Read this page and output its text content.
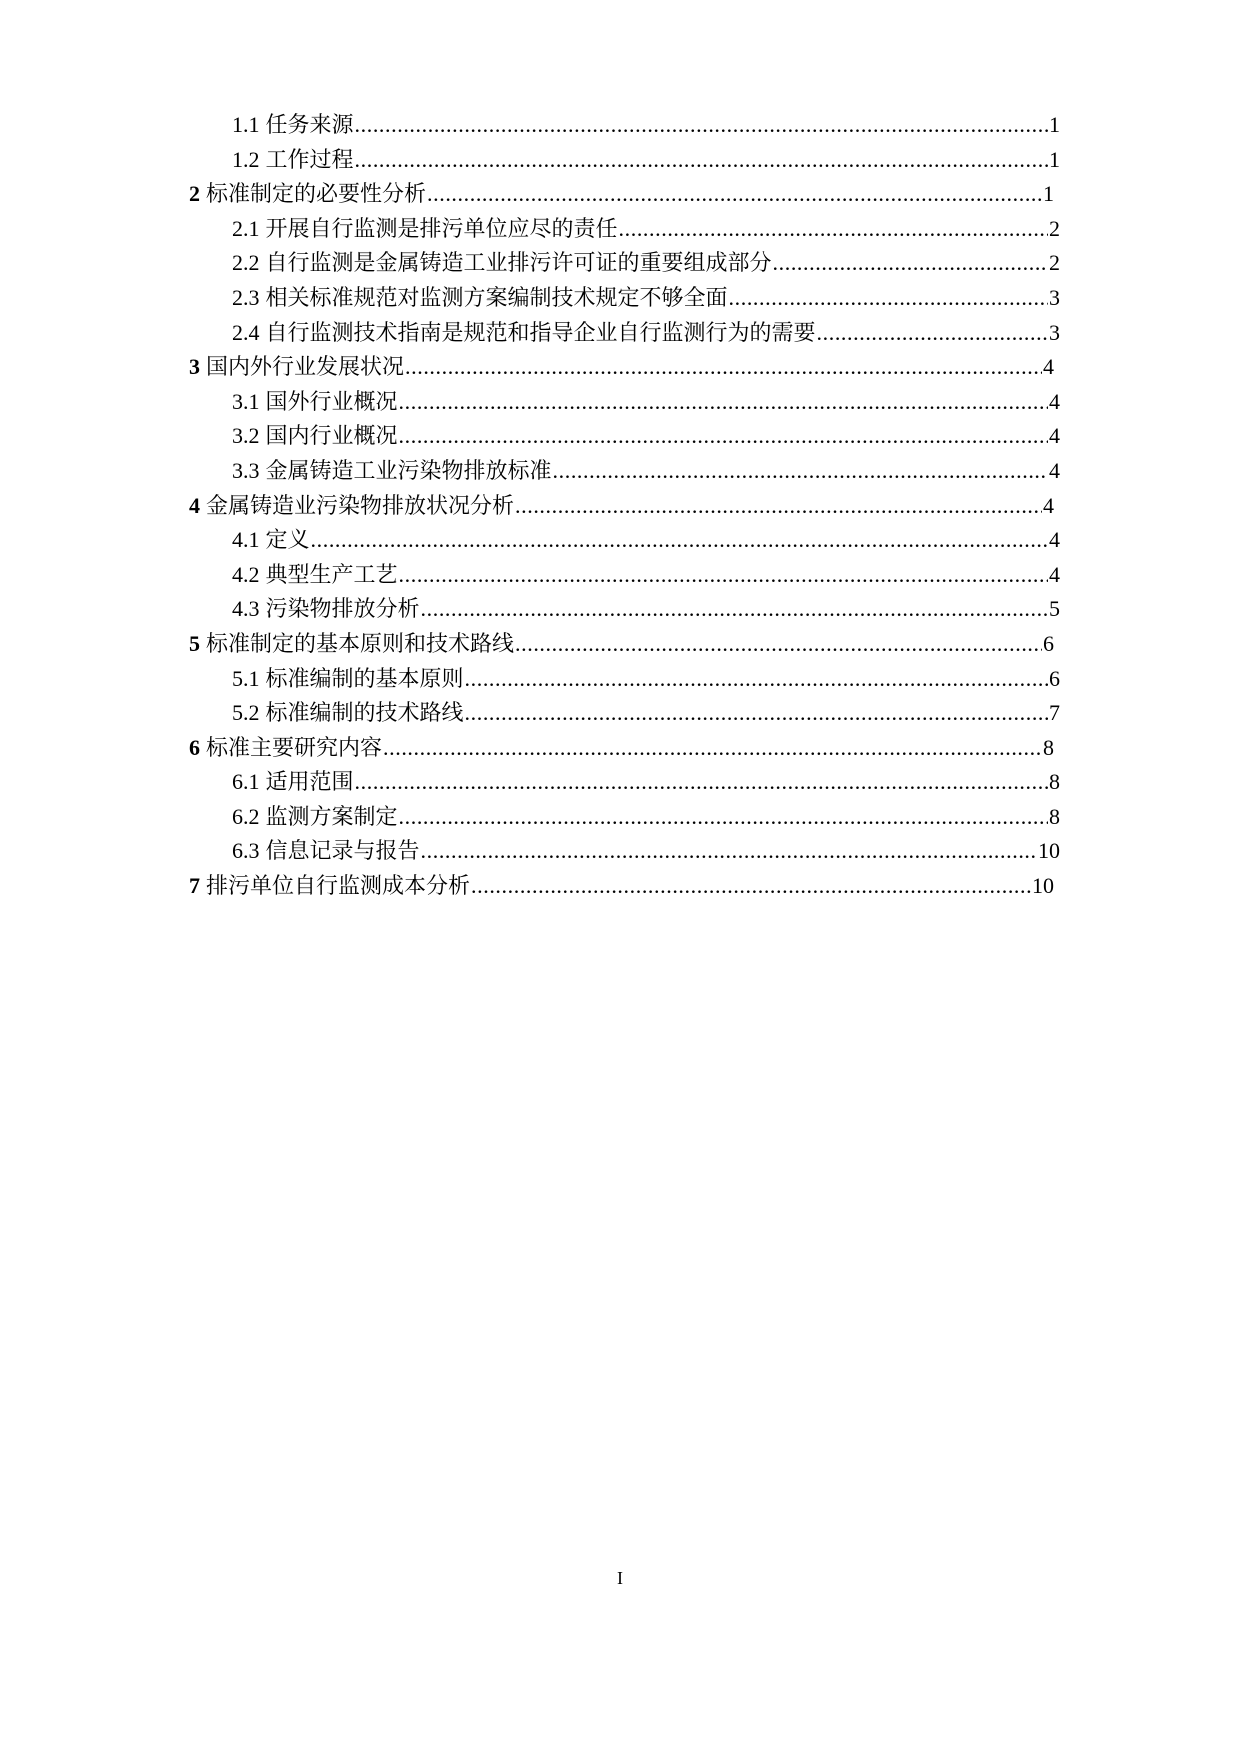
1.1 任务来源 .....	1
1.2 工作过程 .....	1
2 标准制定的必要性分析 .....	1
2.1 开展自行监测是排污单位应尽的责任 .....	2
2.2 自行监测是金属铸造工业排污许可证的重要组成部分 .....	2
2.3 相关标准规范对监测方案编制技术规定不够全面 .....	3
2.4 自行监测技术指南是规范和指导企业自行监测行为的需要 .....	3
3 国内外行业发展状况 .....	4
3.1 国外行业概况 .....	4
3.2 国内行业概况 .....	4
3.3 金属铸造工业污染物排放标准 .....	4
4 金属铸造业污染物排放状况分析 .....	4
4.1 定义 .....	4
4.2 典型生产工艺 .....	4
4.3 污染物排放分析 .....	5
5 标准制定的基本原则和技术路线 .....	6
5.1 标准编制的基本原则 .....	6
5.2 标准编制的技术路线 .....	7
6 标准主要研究内容 .....	8
6.1 适用范围 .....	8
6.2 监测方案制定 .....	8
6.3 信息记录与报告 .....	10
7 排污单位自行监测成本分析 .....	10
I
